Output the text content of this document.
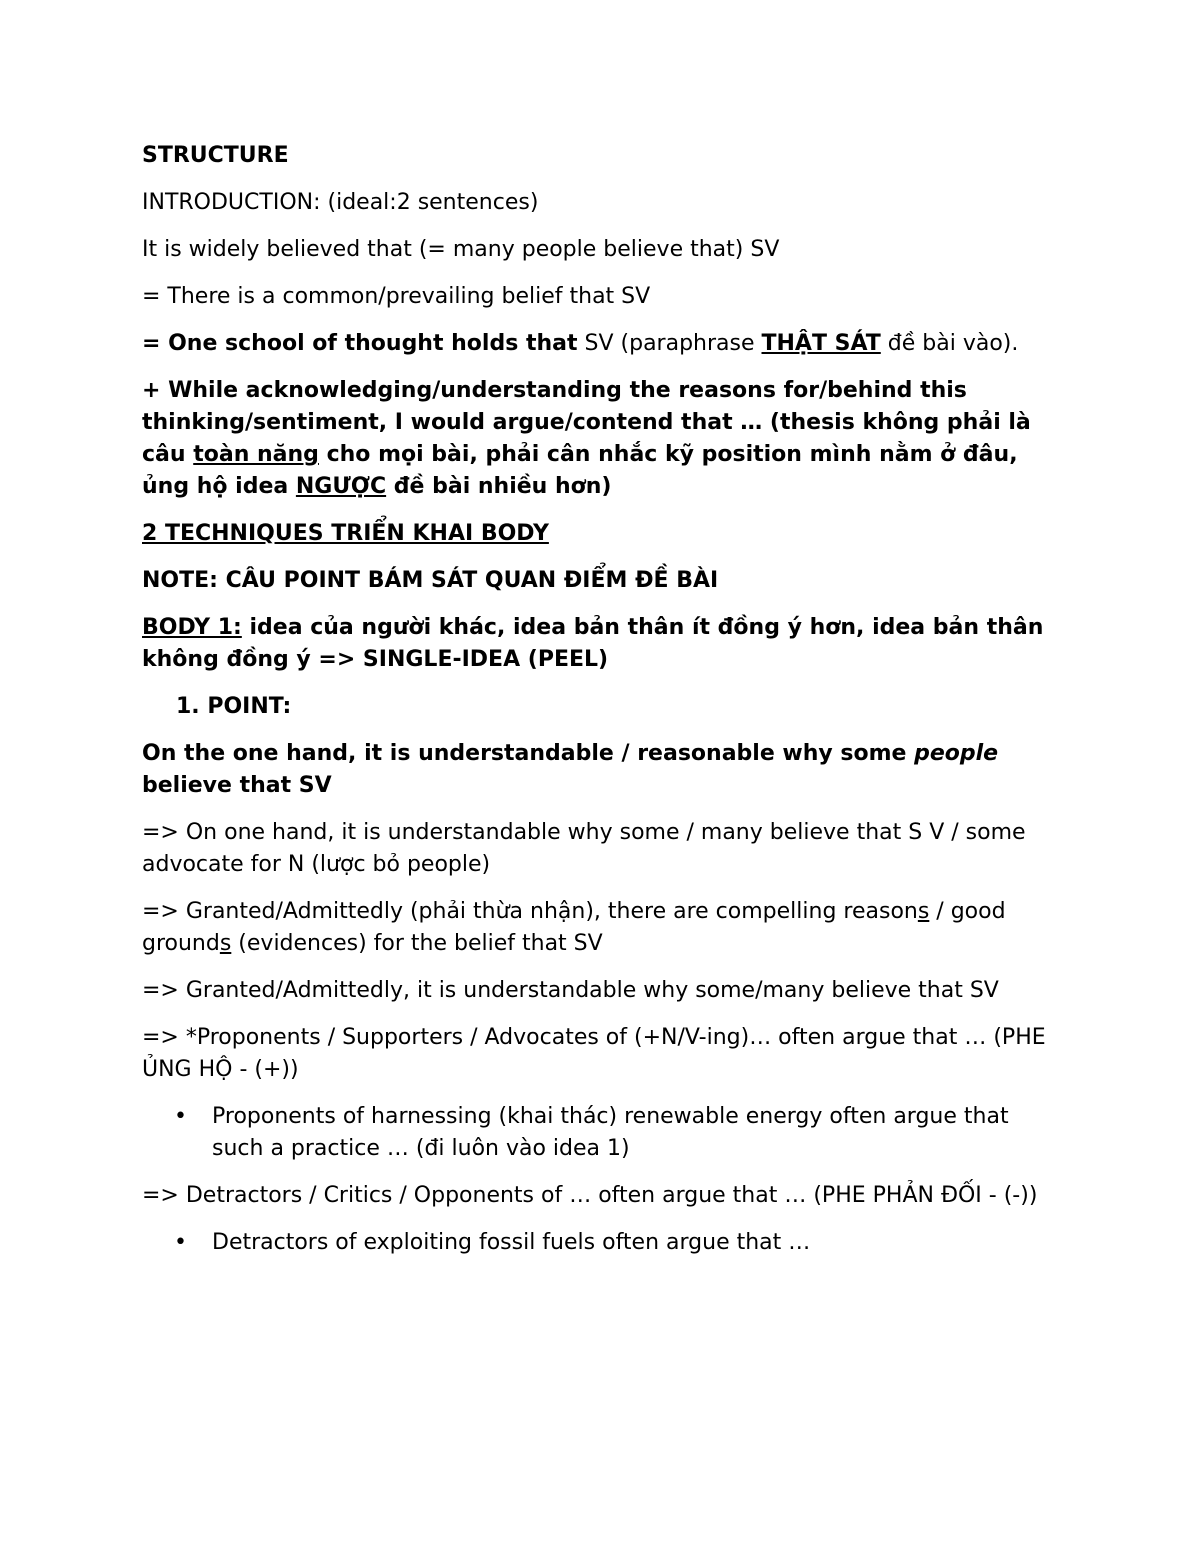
STRUCTURE

INTRODUCTION: (ideal:2 sentences)

It is widely believed that (= many people believe that) SV

= There is a common/prevailing belief that SV

= One school of thought holds that SV (paraphrase THẬT SÁT đề bài vào).

+ While acknowledging/understanding the reasons for/behind this thinking/sentiment, I would argue/contend that … (thesis không phải là câu toàn năng cho mọi bài, phải cân nhắc kỹ position mình nằm ở đâu, ủng hộ idea NGƯỢC đề bài nhiều hơn)

2 TECHNIQUES TRIỂN KHAI BODY

NOTE: CÂU POINT BÁM SÁT QUAN ĐIỂM ĐỀ BÀI

BODY 1: idea của người khác, idea bản thân ít đồng ý hơn, idea bản thân không đồng ý => SINGLE-IDEA (PEEL)

1. POINT:

On the one hand, it is understandable / reasonable why some people believe that SV

=> On one hand, it is understandable why some / many believe that S V / some advocate for N (lược bỏ people)

=> Granted/Admittedly (phải thừa nhận), there are compelling reasons / good grounds (evidences) for the belief that SV

=> Granted/Admittedly, it is understandable why some/many believe that SV

=> *Proponents / Supporters / Advocates of (+N/V-ing)… often argue that … (PHE ỦNG HỘ - (+))

• Proponents of harnessing (khai thác) renewable energy often argue that such a practice … (đi luôn vào idea 1)

=> Detractors / Critics / Opponents of … often argue that … (PHE PHẢN ĐỐI - (-))

• Detractors of exploiting fossil fuels often argue that …
